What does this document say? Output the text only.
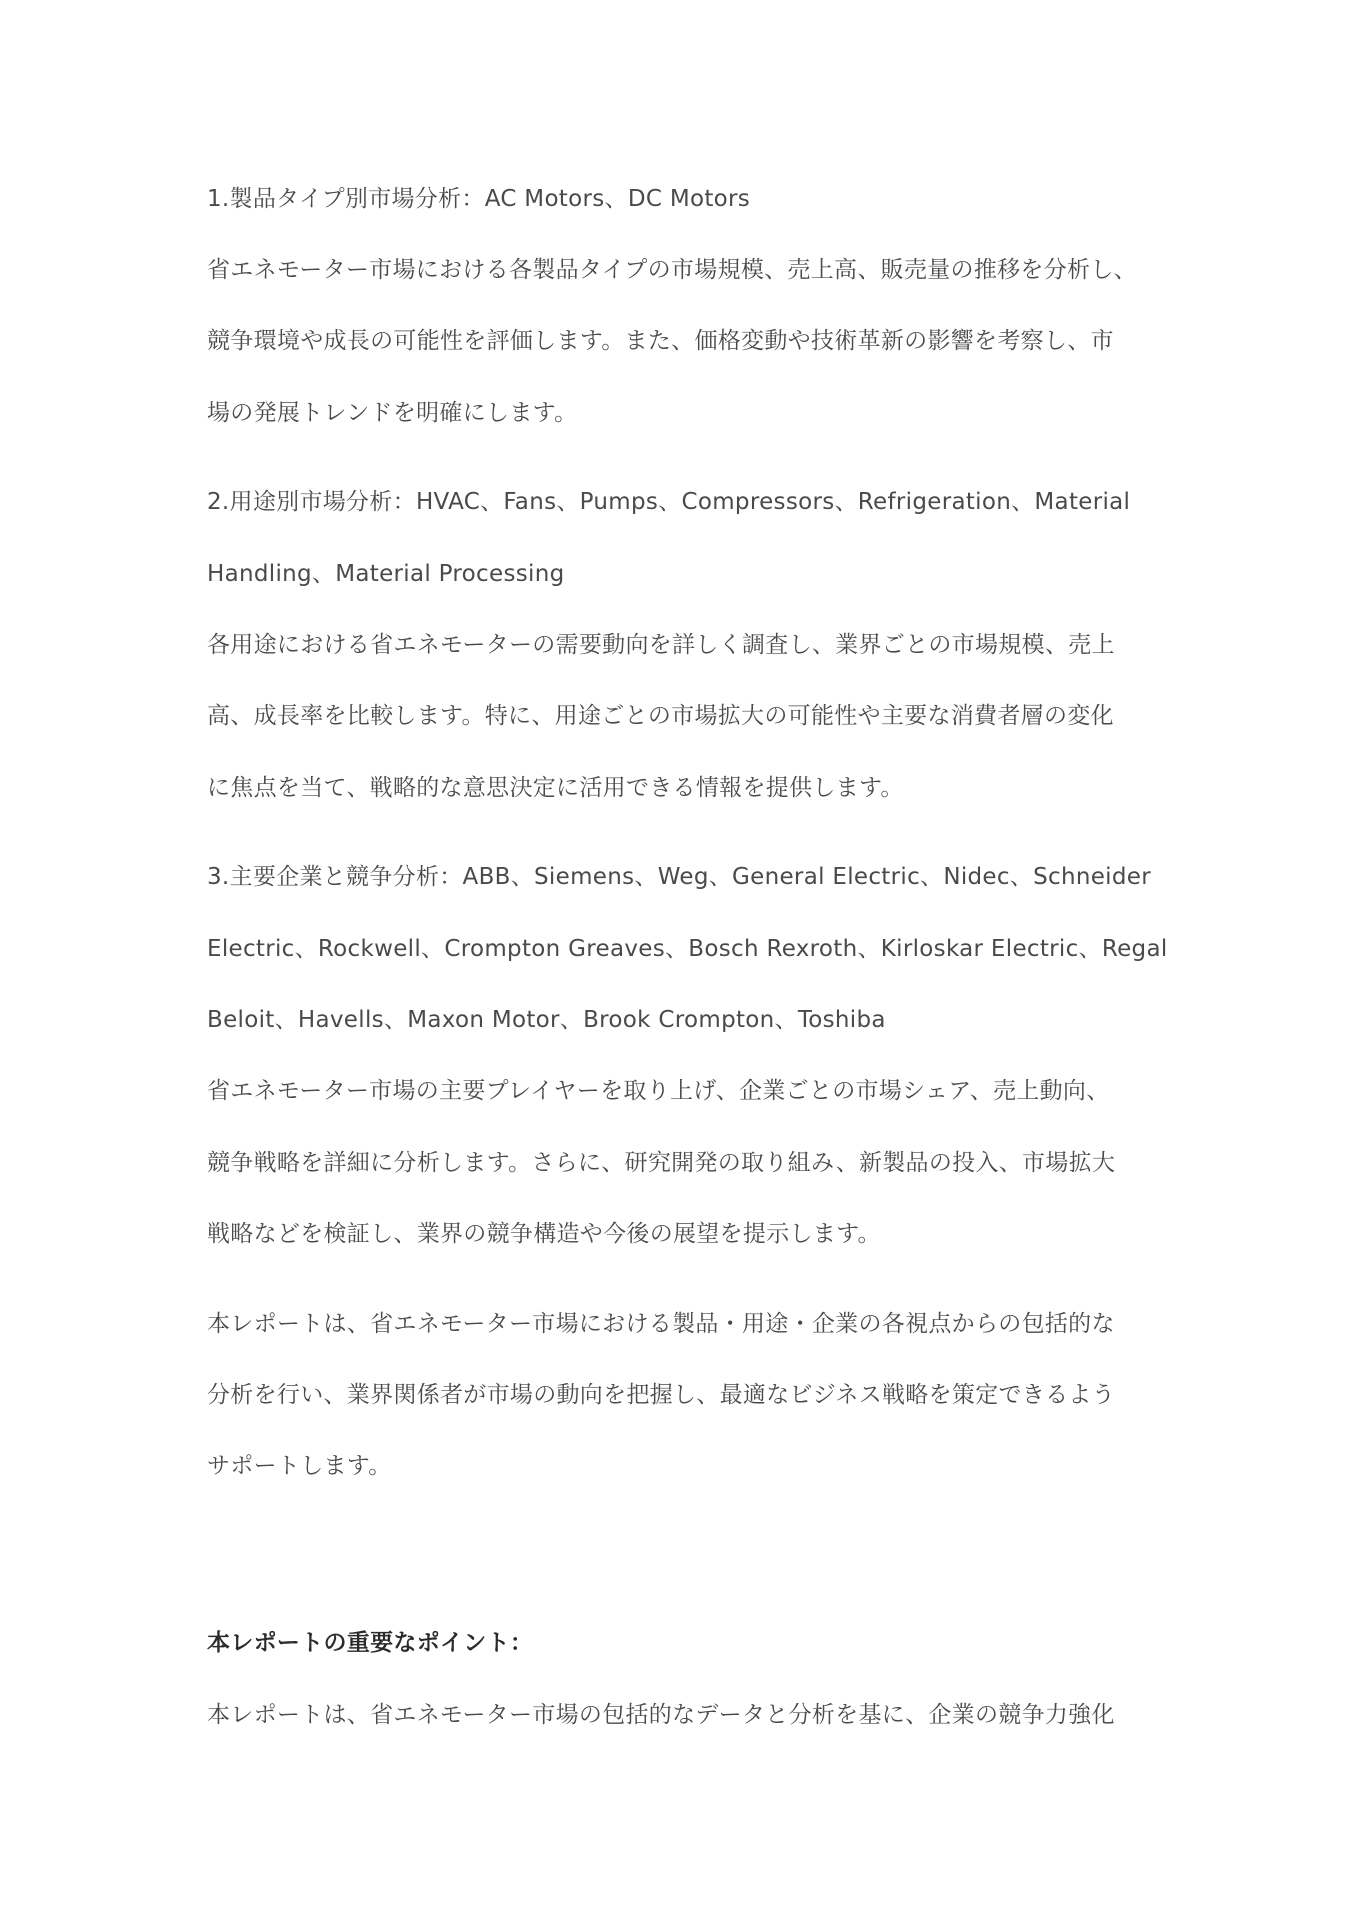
1.製品タイプ別市場分析：AC Motors、DC Motors
省エネモーター市場における各製品タイプの市場規模、売上高、販売量の推移を分析し、
競争環境や成長の可能性を評価します。また、価格変動や技術革新の影響を考察し、市
場の発展トレンドを明確にします。
2.用途別市場分析：HVAC、Fans、Pumps、Compressors、Refrigeration、Material
Handling、Material Processing
各用途における省エネモーターの需要動向を詳しく調査し、業界ごとの市場規模、売上
高、成長率を比較します。特に、用途ごとの市場拡大の可能性や主要な消費者層の変化
に焦点を当て、戦略的な意思決定に活用できる情報を提供します。
3.主要企業と競争分析：ABB、Siemens、Weg、General Electric、Nidec、Schneider
Electric、Rockwell、Crompton Greaves、Bosch Rexroth、Kirloskar Electric、Regal
Beloit、Havells、Maxon Motor、Brook Crompton、Toshiba
省エネモーター市場の主要プレイヤーを取り上げ、企業ごとの市場シェア、売上動向、
競争戦略を詳細に分析します。さらに、研究開発の取り組み、新製品の投入、市場拡大
戦略などを検証し、業界の競争構造や今後の展望を提示します。
本レポートは、省エネモーター市場における製品・用途・企業の各視点からの包括的な
分析を行い、業界関係者が市場の動向を把握し、最適なビジネス戦略を策定できるよう
サポートします。
本レポートの重要なポイント：
本レポートは、省エネモーター市場の包括的なデータと分析を基に、企業の競争力強化
